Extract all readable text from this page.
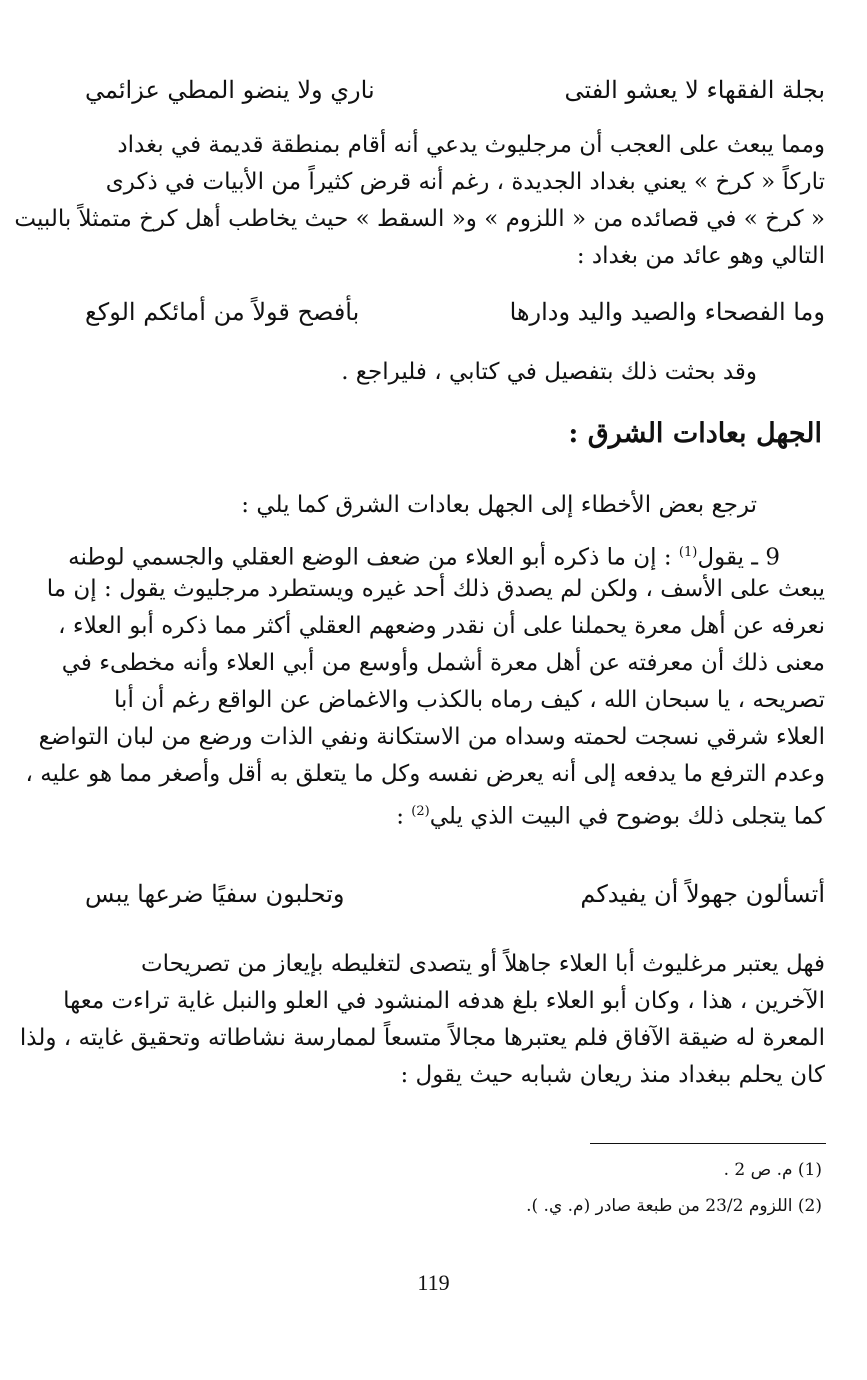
بجلة الفقهاء لا يعشو الفتى
ناري ولا ينضو المطي عزائمي
ومما يبعث على العجب أن مرجليوث يدعي أنه أقام بمنطقة قديمة في بغداد
تاركاً « كرخ » يعني بغداد الجديدة ، رغم أنه قرض كثيراً من الأبيات في ذكرى
« كرخ » في قصائده من « اللزوم » و« السقط » حيث يخاطب أهل كرخ متمثلاً بالبيت
التالي وهو عائد من بغداد :
وما الفصحاء والصيد واليد ودارها
بأفصح قولاً من أمائكم الوكع
وقد بحثت ذلك بتفصيل في كتابي ، فليراجع .
الجهل بعادات الشرق :
ترجع بعض الأخطاء إلى الجهل بعادات الشرق كما يلي :
9 ـ يقول$^{(1)}$ : إن ما ذكره أبو العلاء من ضعف الوضع العقلي والجسمي لوطنه
يبعث على الأسف ، ولكن لم يصدق ذلك أحد غيره ويستطرد مرجليوث يقول : إن ما
نعرفه عن أهل معرة يحملنا على أن نقدر وضعهم العقلي أكثر مما ذكره أبو العلاء ،
معنى ذلك أن معرفته عن أهل معرة أشمل وأوسع من أبي العلاء وأنه مخطىء في
تصريحه ، يا سبحان الله ، كيف رماه بالكذب والاغماض عن الواقع رغم أن أبا
العلاء شرقي نسجت لحمته وسداه من الاستكانة ونفي الذات ورضع من لبان التواضع
وعدم الترفع ما يدفعه إلى أنه يعرض نفسه وكل ما يتعلق به أقل وأصغر مما هو عليه ،
كما يتجلى ذلك بوضوح في البيت الذي يلي$^{(2)}$ :
أتسألون جهولاً أن يفيدكم
وتحلبون سفيًا ضرعها يبس
فهل يعتبر مرغليوث أبا العلاء جاهلاً أو يتصدى لتغليطه بإيعاز من تصريحات
الآخرين ، هذا ، وكان أبو العلاء بلغ هدفه المنشود في العلو والنبل غاية تراءت معها
المعرة له ضيقة الآفاق فلم يعتبرها مجالاً متسعاً لممارسة نشاطاته وتحقيق غايته ، ولذا
كان يحلم ببغداد منذ ريعان شبابه حيث يقول :
(1) م. ص 2 .
(2) اللزوم 23/2 من طبعة صادر (م. ي. ).
119
